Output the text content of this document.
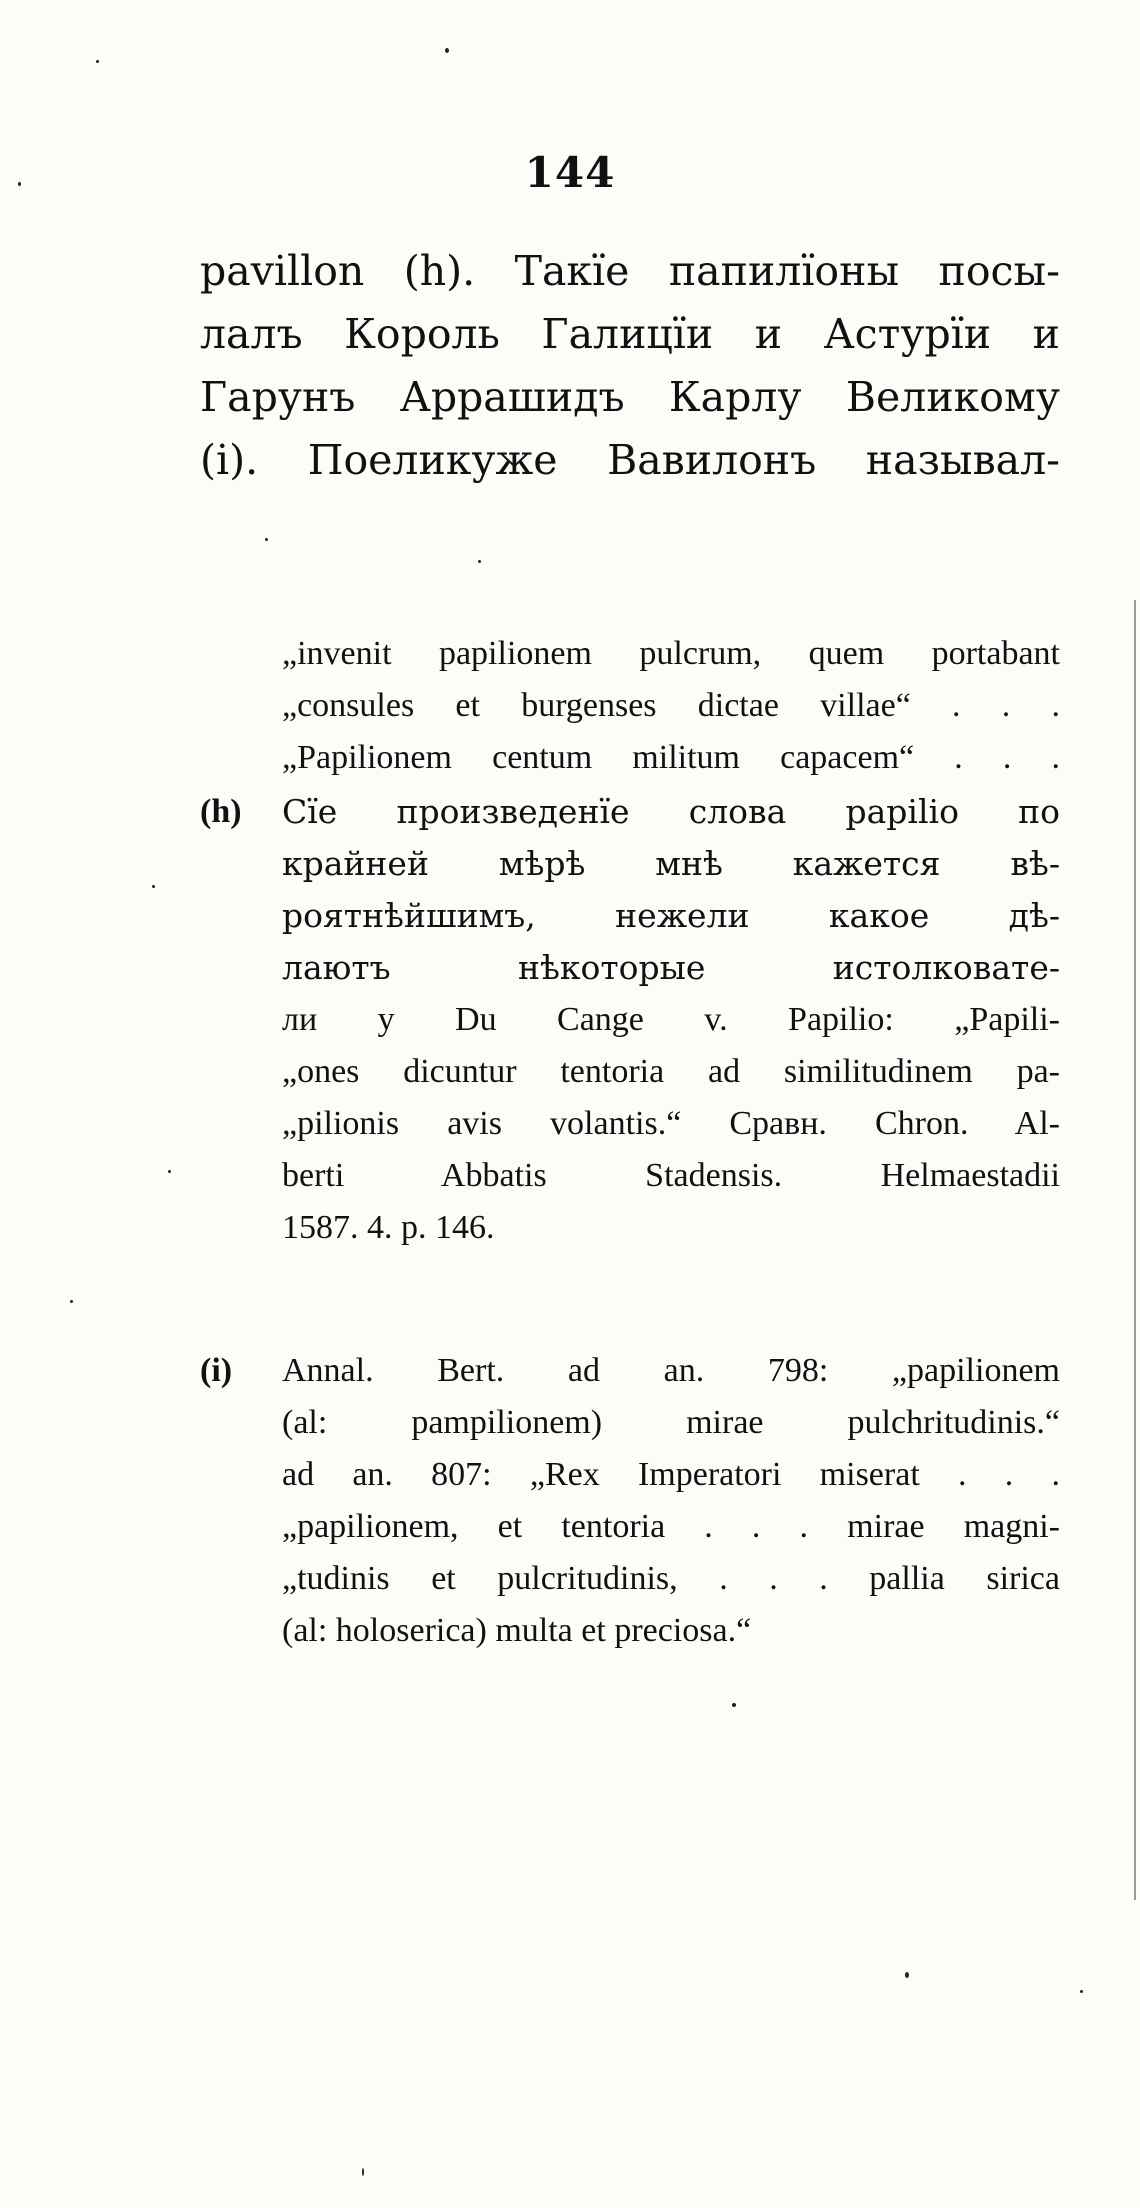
144
pavillon (h). Такïе папилïоны посы-
лалъ Король Галицïи и Астурïи и
Гарунъ Аррашидъ Карлу Великому
(i). Поеликуже Вавилонъ называл-
„invenit papilionem pulcrum, quem portabant
„consules et burgenses dictae villae“ . . .
„Papilionem centum militum capacem“ . . .
(h) Сïе произведенïе слова papilio по
крайней мѣрѣ мнѣ кажется вѣ-
роятнѣйшимъ, нежели какое дѣ-
лаютъ нѣкоторые истолковате-
ли у Du Cange v. Papilio: „Papili-
„ones dicuntur tentoria ad similitudinem pa-
„pilionis avis volantis.“ Сравн. Chron. Al-
berti Abbatis Stadensis. Helmaestadii
1587. 4. p. 146.
(i) Annal. Bert. ad an. 798: „papilionem
(al: pampilionem) mirae pulchritudinis.“
ad an. 807: „Rex Imperatori miserat . . .
„papilionem, et tentoria . . . mirae magni-
„tudinis et pulcritudinis, . . . pallia sirica
(al: holoserica) multa et preciosa.“
